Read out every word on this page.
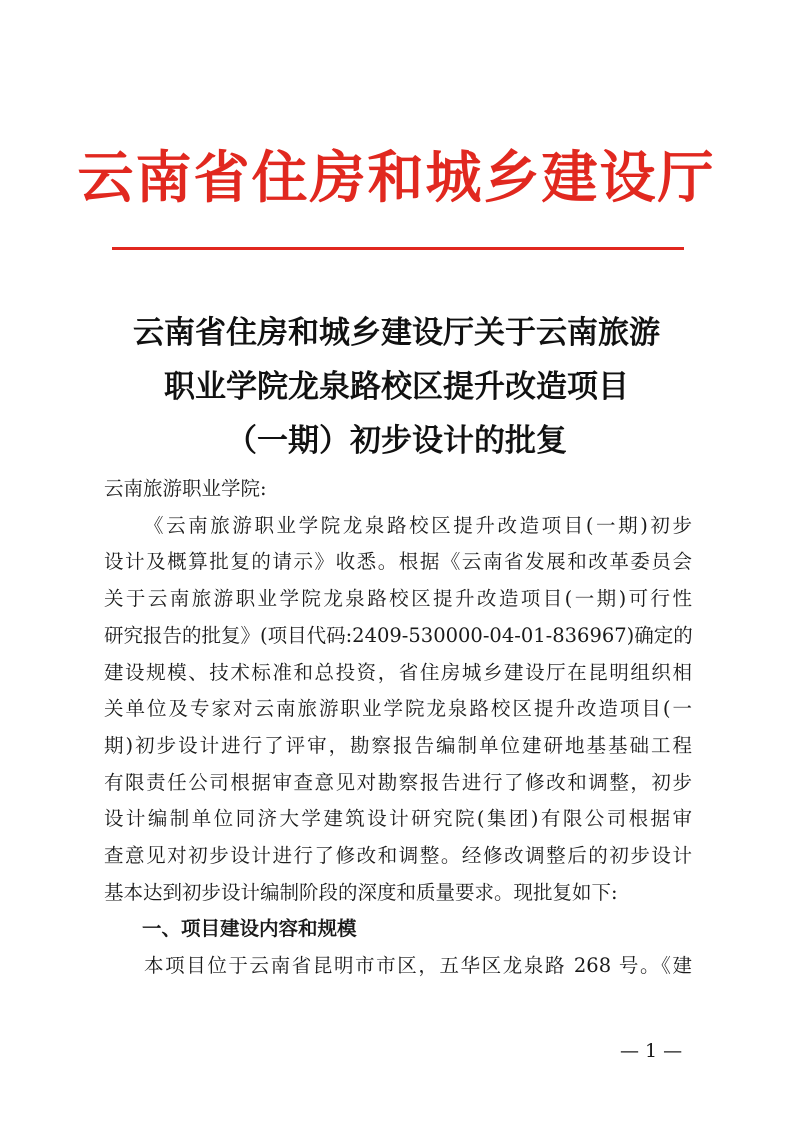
云南省住房和城乡建设厅
云南省住房和城乡建设厅关于云南旅游
职业学院龙泉路校区提升改造项目
（一期）初步设计的批复
云南旅游职业学院:

《云南旅游职业学院龙泉路校区提升改造项目(一期)初步
设计及概算批复的请示》收悉。根据《云南省发展和改革委员会
关于云南旅游职业学院龙泉路校区提升改造项目(一期)可行性
研究报告的批复》(项目代码:2409-530000-04-01-836967)确定的
建设规模、技术标准和总投资，省住房城乡建设厅在昆明组织相
关单位及专家对云南旅游职业学院龙泉路校区提升改造项目(一
期)初步设计进行了评审，勘察报告编制单位建研地基基础工程
有限责任公司根据审查意见对勘察报告进行了修改和调整，初步
设计编制单位同济大学建筑设计研究院(集团)有限公司根据审
查意见对初步设计进行了修改和调整。经修改调整后的初步设计
基本达到初步设计编制阶段的深度和质量要求。现批复如下:

一、项目建设内容和规模
本项目位于云南省昆明市市区，五华区龙泉路 268 号。《建
— 1 —
